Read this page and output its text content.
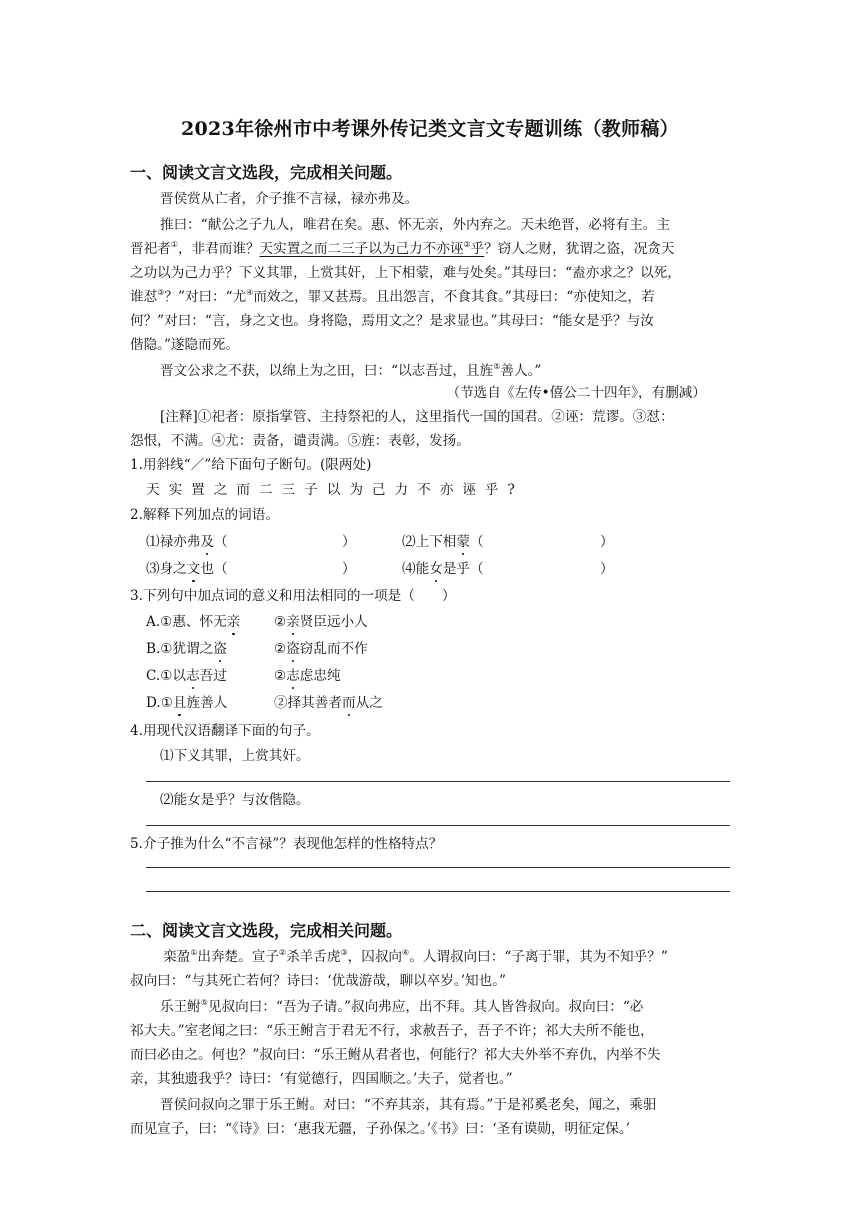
2023年徐州市中考课外传记类文言文专题训练（教师稿）
一、阅读文言文选段，完成相关问题。
晋侯赏从亡者，介子推不言禄，禄亦弗及。
推曰：“献公之子九人，唯君在矣。惠、怀无亲，外内弃之。天未绝晋，必将有主。主
晋祀者①，非君而谁？天实置之而二三子以为己力不亦诬②乎？窃人之财，犹谓之盗，况贪天
之功以为己力乎？下义其罪，上赏其奸，上下相蒙，难与处矣。”其母曰：“盍亦求之？以死，
谁怼③？”对曰：“尤④而效之，罪又甚焉。且出怨言，不食其食。”其母曰：“亦使知之，若
何？”对曰：“言，身之文也。身将隐，焉用文之？是求显也。”其母曰：“能女是乎？与汝
偕隐。”遂隐而死。
晋文公求之不获，以绵上为之田，曰：“以志吾过，且旌⑤善人。”
（节选自《左传•僖公二十四年》，有删减）
[注释]①祀者：原指掌管、主持祭祀的人，这里指代一国的国君。②诬：荒谬。③怼：
怨恨，不满。④尤：责备，谴责满。⑤旌：表彰，发扬。
1.用斜线“／”给下面句子断句。(限两处)
天实置之而二三子以为己力不亦诬乎?
2.解释下列加点的词语。
⑴禄亦弗及（	）	⑵上下相蒙（	）
⑶身之文也（	）	⑷能女是乎（	）
3.下列句中加点词的意义和用法相同的一项是（　　）
A.①惠、怀无亲 ②亲贤臣远小人
B.①犹谓之盗	②盗窃乱而不作
C.①以志吾过	②志虑忠纯
D.①且旌善人	②择其善者而从之
4.用现代汉语翻译下面的句子。
⑴下义其罪，上赏其奸。
⑵能女是乎？与汝偕隐。
5.介子推为什么“不言禄”？表现他怎样的性格特点？
二、阅读文言文选段，完成相关问题。
栾盈①出奔楚。宣子②杀羊舌虎③，囚叔向④。人谓叔向曰：“子离于罪，其为不知乎？”
叔向曰：“与其死亡若何？诗曰：‘优哉游哉，聊以卒岁。’知也。”
乐王鲋⑤见叔向曰：“吾为子请。”叔向弗应，出不拜。其人皆咎叔向。叔向曰：“必
祁大夫。”室老闻之曰：“乐王鲋言于君无不行，求赦吾子，吾子不许；祁大夫所不能也，
而曰必由之。何也？”叔向曰：“乐王鲋从君者也，何能行？祁大夫外举不弃仇，内举不失
亲，其独遗我乎？诗曰：‘有觉德行，四国顺之。’夫子，觉者也。”
晋侯问叔向之罪于乐王鲋。对曰：“不弃其亲，其有焉。”于是祁奚老矣，闻之，乘驲
而见宣子，曰：“《诗》曰：‘惠我无疆，子孙保之。’《书》曰：‘圣有谟勋，明征定保。’
